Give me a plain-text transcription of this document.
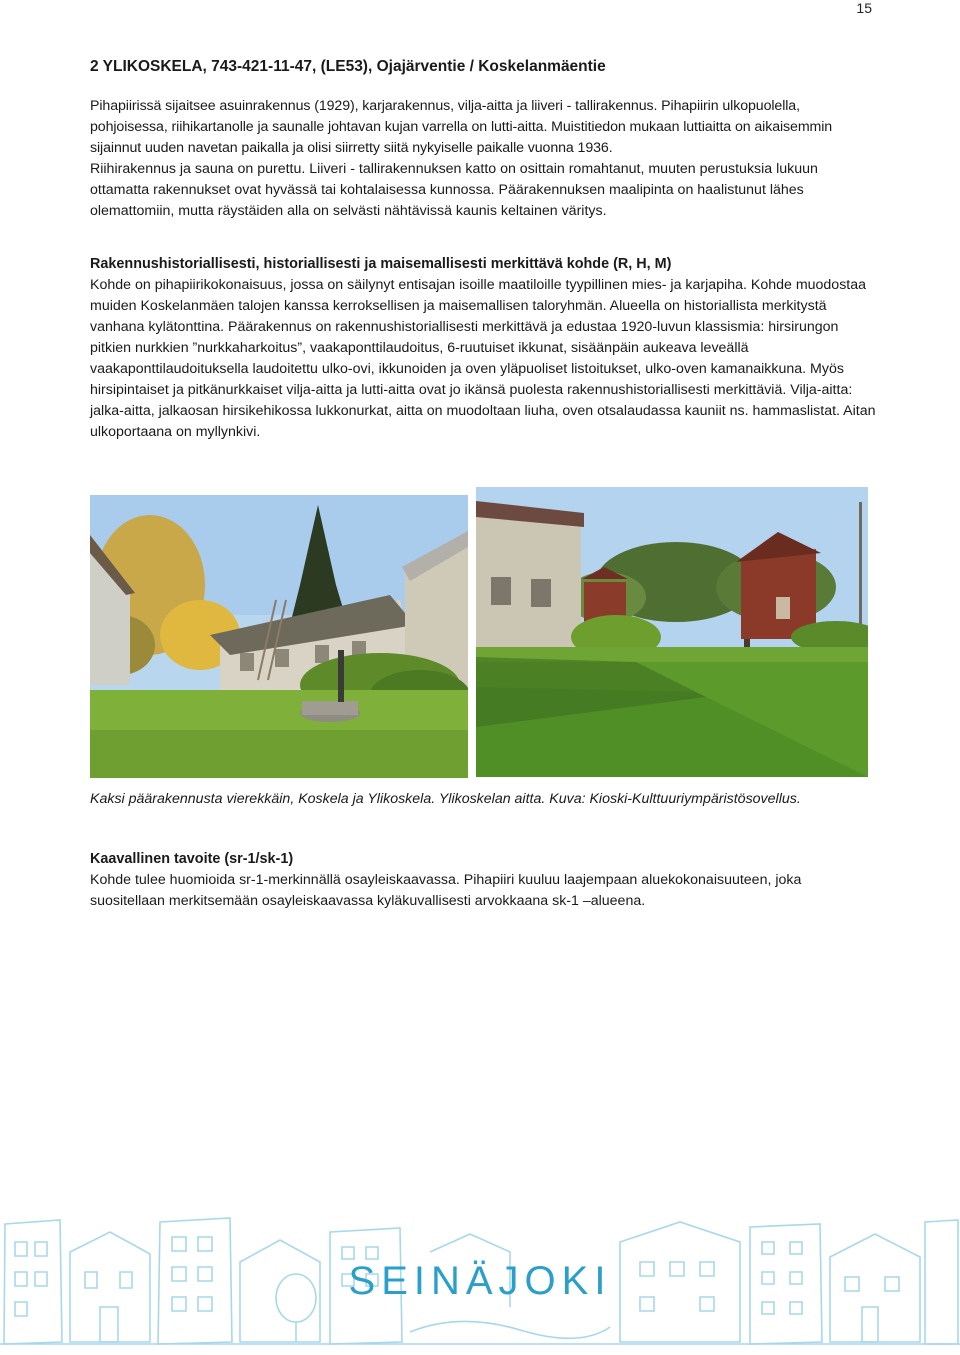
15
2 YLIKOSKELA, 743-421-11-47, (LE53), Ojajärventie / Koskelanmäentie

Pihapiirissä sijaitsee asuinrakennus (1929), karjarakennus, vilja-aitta ja liiveri - tallirakennus. Pihapiirin ulkopuolella, pohjoisessa, riihikartanolle ja saunalle johtavan kujan varrella on lutti-aitta. Muistitiedon mukaan luttiaitta on aikaisemmin sijainnut uuden navetan paikalla ja olisi siirretty siitä nykyiselle paikalle vuonna 1936.

Riihirakennus ja sauna on purettu. Liiveri - tallirakennuksen katto on osittain romahtanut, muuten perustuksia lukuun ottamatta rakennukset ovat hyvässä tai kohtalaisessa kunnossa. Päärakennuksen maalipinta on haalistunut lähes olemattomiin, mutta räystäiden alla on selvästi nähtävissä kaunis keltainen väritys.

Rakennushistoriallisesti, historiallisesti ja maisemallisesti merkittävä kohde (R, H, M)

Kohde on pihapiirikokonaisuus, jossa on säilynyt entisajan isoille maatiloille tyypillinen mies- ja karjapiha. Kohde muodostaa muiden Koskelanmäen talojen kanssa kerroksellisen ja maisemallisen taloryhmän. Alueella on historiallista merkitystä vanhana kylätonttina. Päärakennus on rakennushistoriallisesti merkittävä ja edustaa 1920-luvun klassismia: hirsirungon pitkien nurkkien ”nurkkaharkoitus”, vaakaponttilaudoitus, 6-ruutuiset ikkunat, sisäänpäin aukeava leveällä vaakaponttilaudoituksella laudoitettu ulko-ovi, ikkunoiden ja oven yläpuoliset listoitukset, ulko-oven kamanaikkuna. Myös hirsipintaiset ja pitkänurkkaiset vilja-aitta ja lutti-aitta ovat jo ikänsä puolesta rakennushistoriallisesti merkittäviä. Vilja-aitta: jalka-aitta, jalkaosan hirsikehikossa lukkonurkat, aitta on muodoltaan liuha, oven otsalaudassa kauniit ns. hammaslistat. Aitan ulkoportaana on myllynkivi.

Kaksi päärakennusta vierekkäin, Koskela ja Ylikoskela. Ylikoskelan aitta. Kuva: Kioski-Kulttuuriympäristösovellus.
Kaavallinen tavoite (sr-1/sk-1)

Kohde tulee huomioida sr-1-merkinnällä osayleiskaavassa. Pihapiiri kuuluu laajempaan aluekokonaisuuteen, joka suositellaan merkitsemään osayleiskaavassa kyläkuvallisesti arvokkaana sk-1 –alueena.

SEINÄJOKI
